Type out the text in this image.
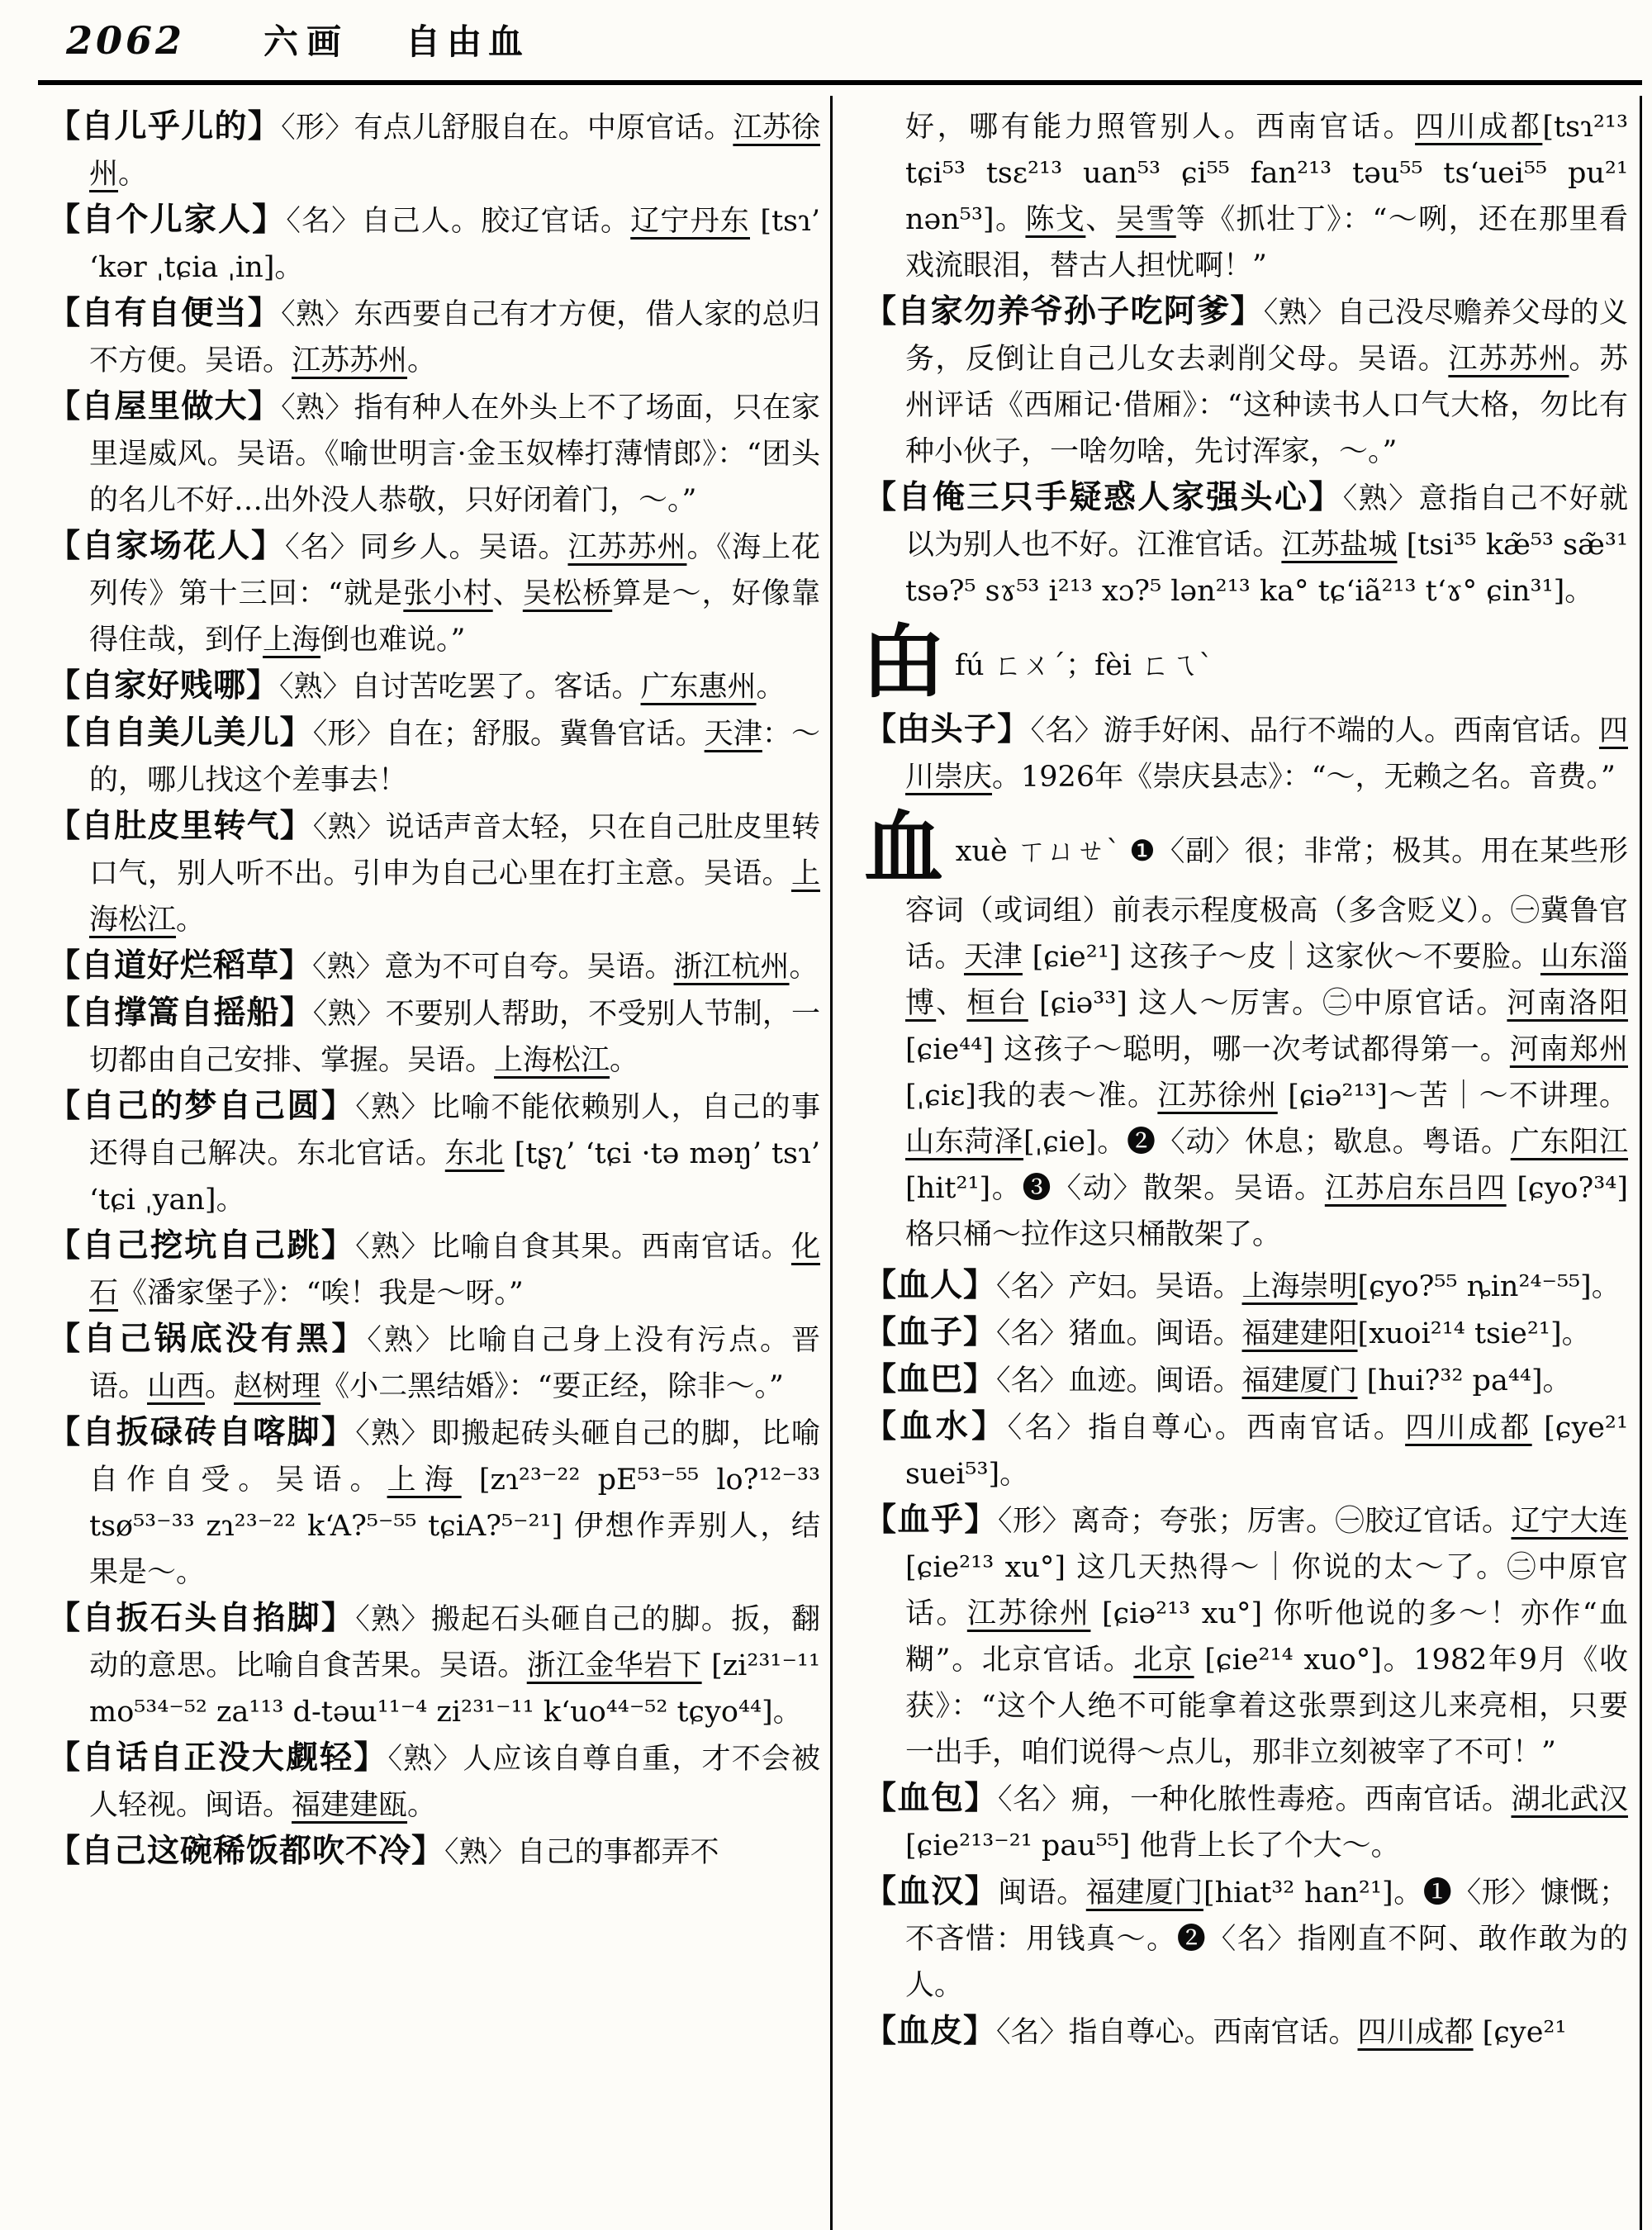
2062 六画 自由血

【自儿乎儿的】〈形〉有点儿舒服自在。中原官话。江苏徐州。

【自个儿家人】〈名〉自己人。胶辽官话。辽宁丹东 [tsɿ’ ‘kər ˌtɕia ˌin]。

【自有自便当】〈熟〉东西要自己有才方便，借人家的总归不方便。吴语。江苏苏州。

【自屋里做大】〈熟〉指有种人在外头上不了场面，只在家里逞威风。吴语。《喻世明言·金玉奴棒打薄情郎》：“团头的名儿不好…出外没人恭敬，只好闭着门，～。”

【自家场花人】〈名〉同乡人。吴语。江苏苏州。《海上花列传》第十三回：“就是张小村、吴松桥算是～，好像靠得住哉，到仔上海倒也难说。”

【自家好贱哪】〈熟〉自讨苦吃罢了。客话。广东惠州。

【自自美儿美儿】〈形〉自在；舒服。冀鲁官话。天津：～的，哪儿找这个差事去！

【自肚皮里转气】〈熟〉说话声音太轻，只在自己肚皮里转口气，别人听不出。引申为自己心里在打主意。吴语。上海松江。

【自道好烂稻草】〈熟〉意为不可自夸。吴语。浙江杭州。

【自撑篙自摇船】〈熟〉不要别人帮助，不受别人节制，一切都由自己安排、掌握。吴语。上海松江。

【自己的梦自己圆】〈熟〉比喻不能依赖别人，自己的事还得自己解决。东北官话。东北 [tʂʅ’ ‘tɕi ·tə məŋ’ tsɿ’ ‘tɕi ˌyan]。

【自己挖坑自己跳】〈熟〉比喻自食其果。西南官话。化石《潘家堡子》：“唉！我是～呀。”

【自己锅底没有黑】〈熟〉比喻自己身上没有污点。晋语。山西。赵树理《小二黑结婚》：“要正经，除非～。”

【自扳碌砖自喀脚】〈熟〉即搬起砖头砸自己的脚，比喻自作自受。吴语。上海 [zɿ²³⁻²² pE⁵³⁻⁵⁵ lo?¹²⁻³³ tsø⁵³⁻³³ zɿ²³⁻²² k‘A?⁵⁻⁵⁵ tɕiA?⁵⁻²¹] 伊想作弄别人，结果是～。

【自扳石头自掐脚】〈熟〉搬起石头砸自己的脚。扳，翻动的意思。比喻自食苦果。吴语。浙江金华岩下 [zi²³¹⁻¹¹ mo⁵³⁴⁻⁵² za¹¹³ d-təɯ¹¹⁻⁴ zi²³¹⁻¹¹ k‘uo⁴⁴⁻⁵² tɕyo⁴⁴]。

【自话自正没大觑轻】〈熟〉人应该自尊自重，才不会被人轻视。闽语。福建建瓯。

【自己这碗稀饭都吹不冷】〈熟〉自己的事都弄不

好，哪有能力照管别人。西南官话。四川成都[tsɿ²¹³ tɕi⁵³ tsɛ²¹³ uan⁵³ ɕi⁵⁵ fan²¹³ təu⁵⁵ ts‘uei⁵⁵ pu²¹ nən⁵³]。陈戈、吴雪等《抓壮丁》：“～咧，还在那里看戏流眼泪，替古人担忧啊！”

【自家勿养爷孙子吃阿爹】〈熟〉自己没尽赡养父母的义务，反倒让自己儿女去剥削父母。吴语。江苏苏州。苏州评话《西厢记·借厢》：“这种读书人口气大格，勿比有种小伙子，一啥勿啥，先讨浑家，～。”

【自俺三只手疑惑人家强头心】〈熟〉意指自己不好就以为别人也不好。江淮官话。江苏盐城 [tsi³⁵ kæ̃⁵³ sæ̃³¹ tsə?⁵ sɤ⁵³ i²¹³ xɔ?⁵ lən²¹³ ka° tɕ‘iã²¹³ t‘ɤ° ɕin³¹]。

甶fú ㄈㄨˊ；fèi ㄈㄟˋ

【甶头子】〈名〉游手好闲、品行不端的人。西南官话。四川崇庆。1926年《崇庆县志》：“～，无赖之名。音费。”

血xuè ㄒㄩㄝˋ ❶〈副〉很；非常；极其。用在某些形容词（或词组）前表示程度极高（多含贬义）。㊀冀鲁官话。天津 [ɕie²¹] 这孩子～皮｜这家伙～不要脸。山东淄博、桓台 [ɕiə³³] 这人～厉害。㊁中原官话。河南洛阳 [ɕie⁴⁴] 这孩子～聪明，哪一次考试都得第一。河南郑州[ˌɕiɛ]我的表～准。江苏徐州 [ɕiə²¹³]～苦｜～不讲理。山东菏泽[ˌɕie]。❷〈动〉休息；歇息。粤语。广东阳江[hit²¹]。❸〈动〉散架。吴语。江苏启东吕四 [ɕyo?³⁴] 格只桶～拉作这只桶散架了。

【血人】〈名〉产妇。吴语。上海崇明[ɕyo?⁵⁵ ȵin²⁴⁻⁵⁵]。

【血子】〈名〉猪血。闽语。福建建阳[xuoi²¹⁴ tsie²¹]。

【血巴】〈名〉血迹。闽语。福建厦门 [hui?³² pa⁴⁴]。

【血水】〈名〉指自尊心。西南官话。四川成都 [ɕye²¹ suei⁵³]。

【血乎】〈形〉离奇；夸张；厉害。㊀胶辽官话。辽宁大连 [ɕie²¹³ xu°] 这几天热得～｜你说的太～了。㊁中原官话。江苏徐州 [ɕiə²¹³ xu°] 你听他说的多～！亦作“血糊”。北京官话。北京 [ɕie²¹⁴ xuo°]。1982年9月《收获》：“这个人绝不可能拿着这张票到这儿来亮相，只要一出手，咱们说得～点儿，那非立刻被宰了不可！”

【血包】〈名〉痈，一种化脓性毒疮。西南官话。湖北武汉 [ɕie²¹³⁻²¹ pau⁵⁵] 他背上长了个大～。

【血汉】闽语。福建厦门[hiat³² han²¹]。❶〈形〉慷慨；不吝惜：用钱真～。❷〈名〉指刚直不阿、敢作敢为的人。

【血皮】〈名〉指自尊心。西南官话。四川成都 [ɕye²¹
